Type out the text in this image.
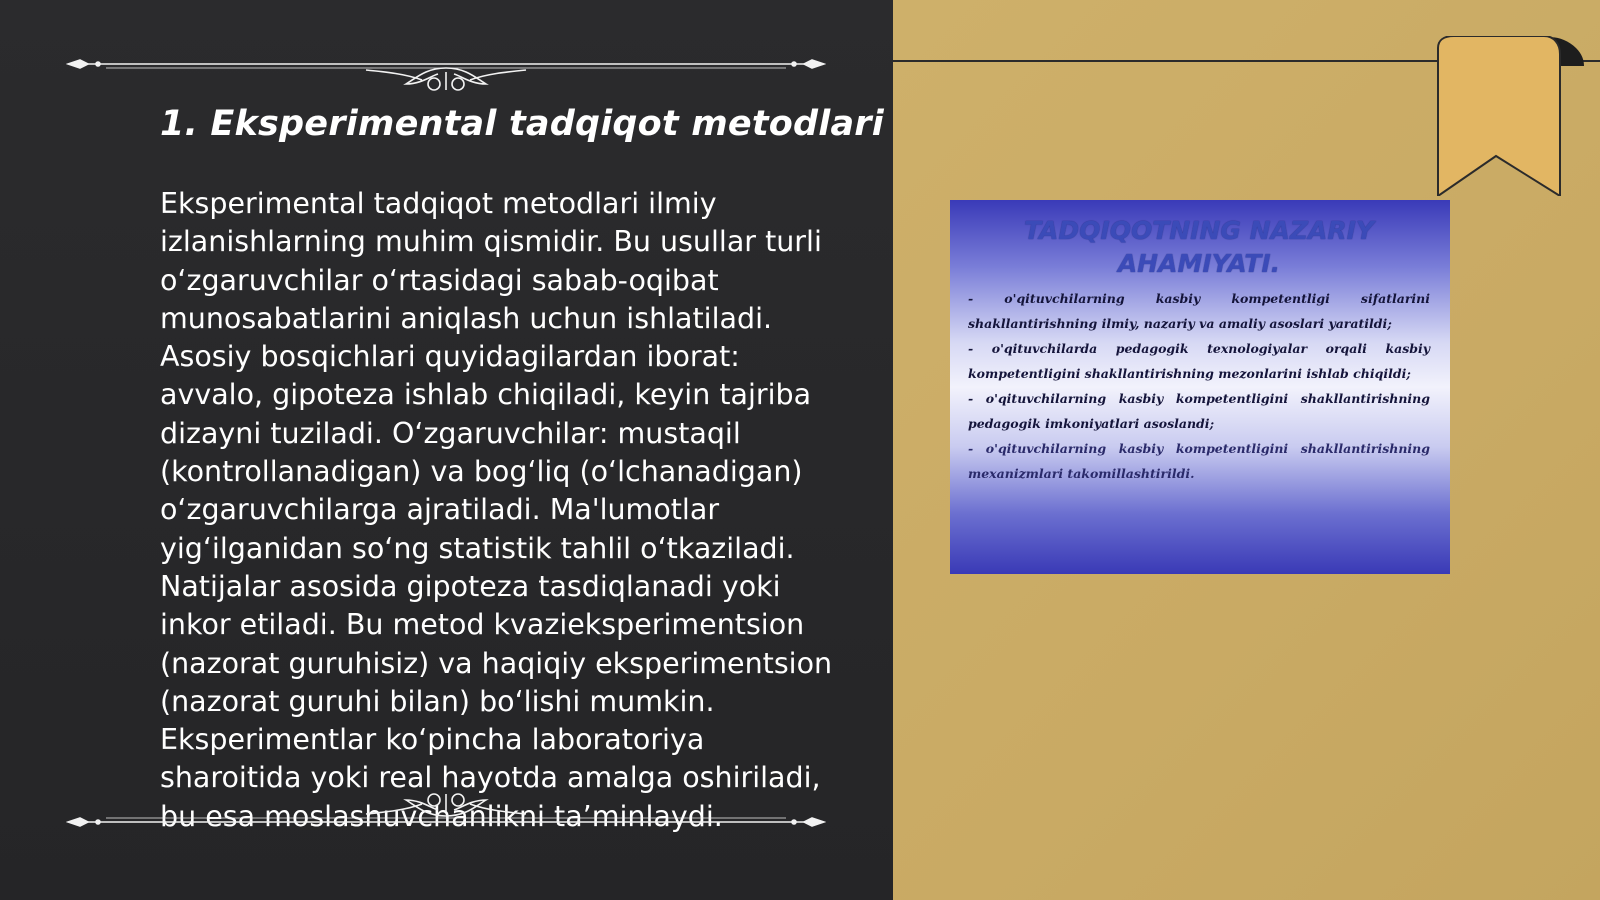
1. Eksperimental tadqiqot metodlari

Eksperimental tadqiqot metodlari ilmiy izlanishlarning muhim qismidir. Bu usullar turli o‘zgaruvchilar o‘rtasidagi sabab-oqibat munosabatlarini aniqlash uchun ishlatiladi. Asosiy bosqichlari quyidagilardan iborat: avvalo, gipoteza ishlab chiqiladi, keyin tajriba dizayni tuziladi. O‘zgaruvchilar: mustaqil (kontrollanadigan) va bog‘liq (o‘lchanadigan) o‘zgaruvchilarga ajratiladi. Ma'lumotlar yig‘ilganidan so‘ng statistik tahlil o‘tkaziladi. Natijalar asosida gipoteza tasdiqlanadi yoki inkor etiladi. Bu metod kvazieksperimentsion (nazorat guruhisiz) va haqiqiy eksperimentsion (nazorat guruhi bilan) bo‘lishi mumkin. Eksperimentlar ko‘pincha laboratoriya sharoitida yoki real hayotda amalga oshiriladi, bu esa moslashuvchanlikni ta’minlaydi.

TADQIQOTNING NAZARIY AHAMIYATI.

- o'qituvchilarning kasbiy kompetentligi sifatlarini shakllantirishning ilmiy, nazariy va amaliy asoslari yaratildi;
- o'qituvchilarda pedagogik texnologiyalar orqali kasbiy kompetentligini shakllantirishning mezonlarini ishlab chiqildi;
- o'qituvchilarning kasbiy kompetentligini shakllantirishning pedagogik imkoniyatlari asoslandi;
- o'qituvchilarning kasbiy kompetentligini shakllantirishning mexanizmlari takomillashtirildi.
